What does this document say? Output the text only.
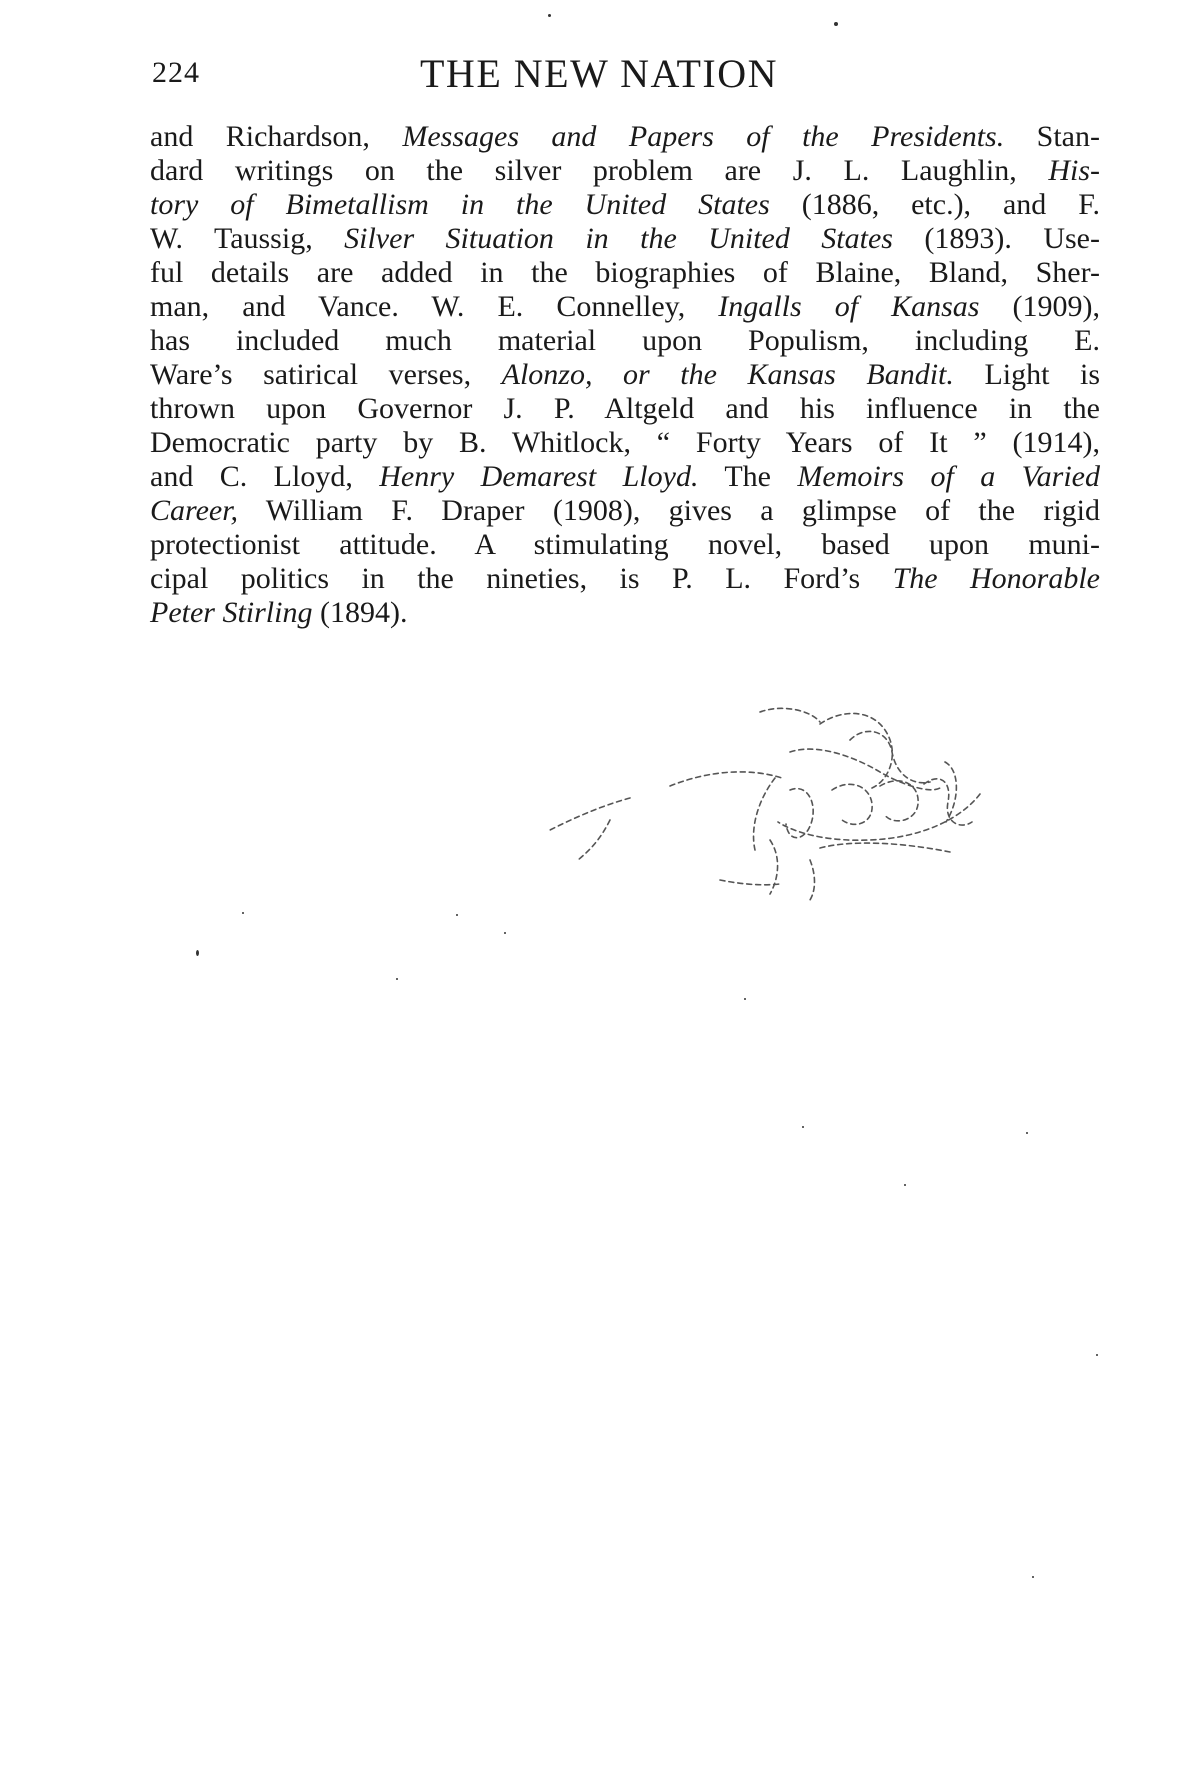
224	THE NEW NATION
and Richardson, Messages and Papers of the Presidents. Stan-
dard writings on the silver problem are J. L. Laughlin, His-
tory of Bimetallism in the United States (1886, etc.), and F.
W. Taussig, Silver Situation in the United States (1893). Use-
ful details are added in the biographies of Blaine, Bland, Sher-
man, and Vance. W. E. Connelley, Ingalls of Kansas (1909),
has included much material upon Populism, including E.
Ware’s satirical verses, Alonzo, or the Kansas Bandit. Light is
thrown upon Governor J. P. Altgeld and his influence in the
Democratic party by B. Whitlock, “ Forty Years of It ” (1914),
and C. Lloyd, Henry Demarest Lloyd. The Memoirs of a Varied
Career, William F. Draper (1908), gives a glimpse of the rigid
protectionist attitude. A stimulating novel, based upon muni-
cipal politics in the nineties, is P. L. Ford’s The Honorable
Peter Stirling (1894).
